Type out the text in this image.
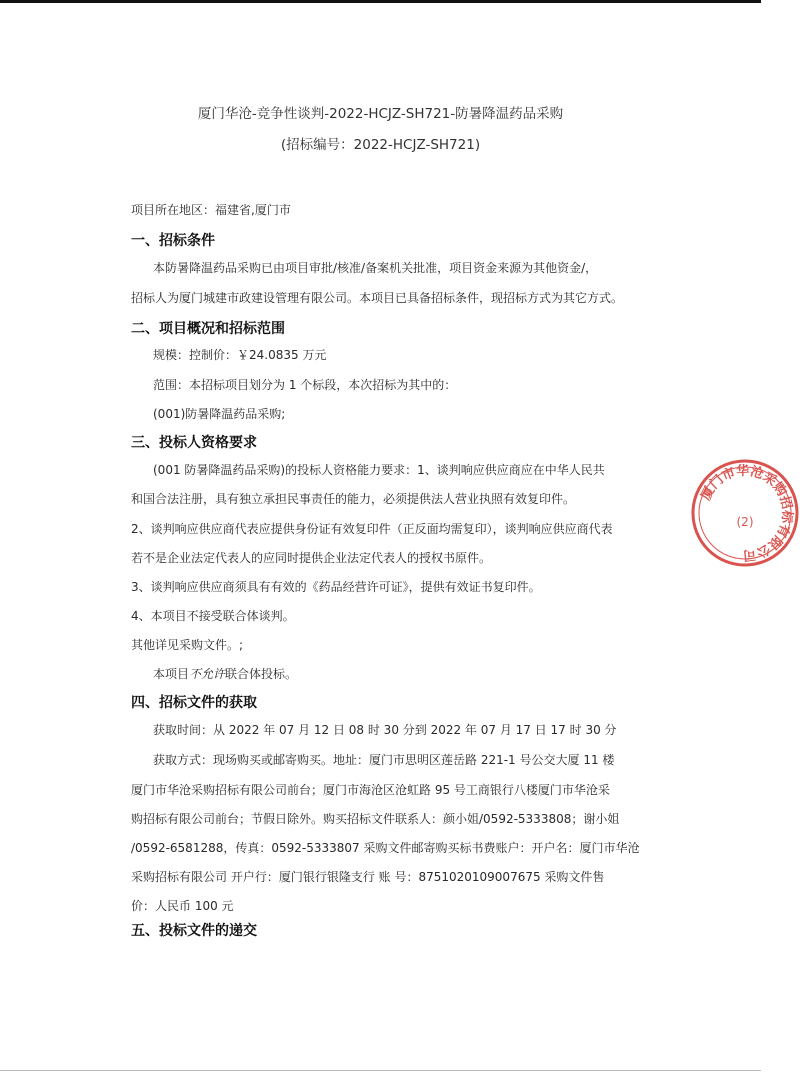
厦门华沧-竞争性谈判-2022-HCJZ-SH721-防暑降温药品采购
(招标编号：2022-HCJZ-SH721)
项目所在地区：福建省,厦门市
一、招标条件
本防暑降温药品采购已由项目审批/核准/备案机关批准，项目资金来源为其他资金/，
招标人为厦门城建市政建设管理有限公司。本项目已具备招标条件，现招标方式为其它方式。
二、项目概况和招标范围
规模：控制价：￥24.0835 万元
范围：本招标项目划分为 1 个标段，本次招标为其中的：
(001)防暑降温药品采购;
三、投标人资格要求
(001 防暑降温药品采购)的投标人资格能力要求：1、谈判响应供应商应在中华人民共
和国合法注册，具有独立承担民事责任的能力，必须提供法人营业执照有效复印件。
2、谈判响应供应商代表应提供身份证有效复印件（正反面均需复印），谈判响应供应商代表
若不是企业法定代表人的应同时提供企业法定代表人的授权书原件。
3、谈判响应供应商须具有有效的《药品经营许可证》，提供有效证书复印件。
4、本项目不接受联合体谈判。
其他详见采购文件。;
本项目不允许联合体投标。
四、招标文件的获取
获取时间：从 2022 年 07 月 12 日 08 时 30 分到 2022 年 07 月 17 日 17 时 30 分
获取方式：现场购买或邮寄购买。地址：厦门市思明区莲岳路 221-1 号公交大厦 11 楼
厦门市华沧采购招标有限公司前台；厦门市海沧区沧虹路 95 号工商银行八楼厦门市华沧采
购招标有限公司前台；节假日除外。购买招标文件联系人：颜小姐/0592-5333808；谢小姐
/0592-6581288，传真：0592-5333807 采购文件邮寄购买标书费账户：开户名：厦门市华沧
采购招标有限公司 开户行：厦门银行银隆支行 账 号：8751020109007675 采购文件售
价：人民币 100 元
五、投标文件的递交
厦门市华沧采购招标有限公司
(2)
